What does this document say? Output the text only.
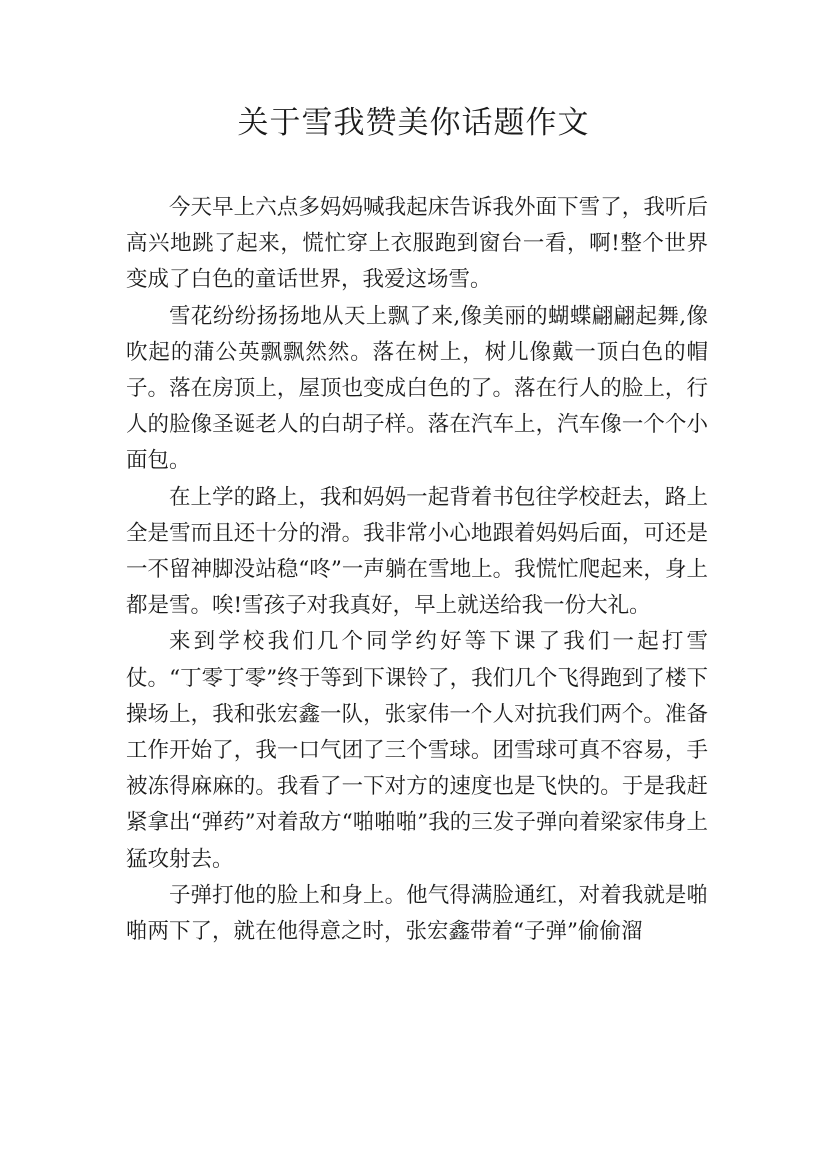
关于雪我赞美你话题作文

今天早上六点多妈妈喊我起床告诉我外面下雪了，我听后高兴地跳了起来，慌忙穿上衣服跑到窗台一看，啊!整个世界变成了白色的童话世界，我爱这场雪。

雪花纷纷扬扬地从天上飘了来,像美丽的蝴蝶翩翩起舞,像吹起的蒲公英飘飘然然。落在树上，树儿像戴一顶白色的帽子。落在房顶上，屋顶也变成白色的了。落在行人的脸上，行人的脸像圣诞老人的白胡子样。落在汽车上，汽车像一个个小面包。

在上学的路上，我和妈妈一起背着书包往学校赶去，路上全是雪而且还十分的滑。我非常小心地跟着妈妈后面，可还是一不留神脚没站稳“咚”一声躺在雪地上。我慌忙爬起来，身上都是雪。唉!雪孩子对我真好，早上就送给我一份大礼。

来到学校我们几个同学约好等下课了我们一起打雪仗。“丁零丁零”终于等到下课铃了，我们几个飞得跑到了楼下操场上，我和张宏鑫一队，张家伟一个人对抗我们两个。准备工作开始了，我一口气团了三个雪球。团雪球可真不容易，手被冻得麻麻的。我看了一下对方的速度也是飞快的。于是我赶紧拿出“弹药”对着敌方“啪啪啪”我的三发子弹向着梁家伟身上猛攻射去。

子弹打他的脸上和身上。他气得满脸通红，对着我就是啪啪两下了，就在他得意之时，张宏鑫带着“子弹”偷偷溜
